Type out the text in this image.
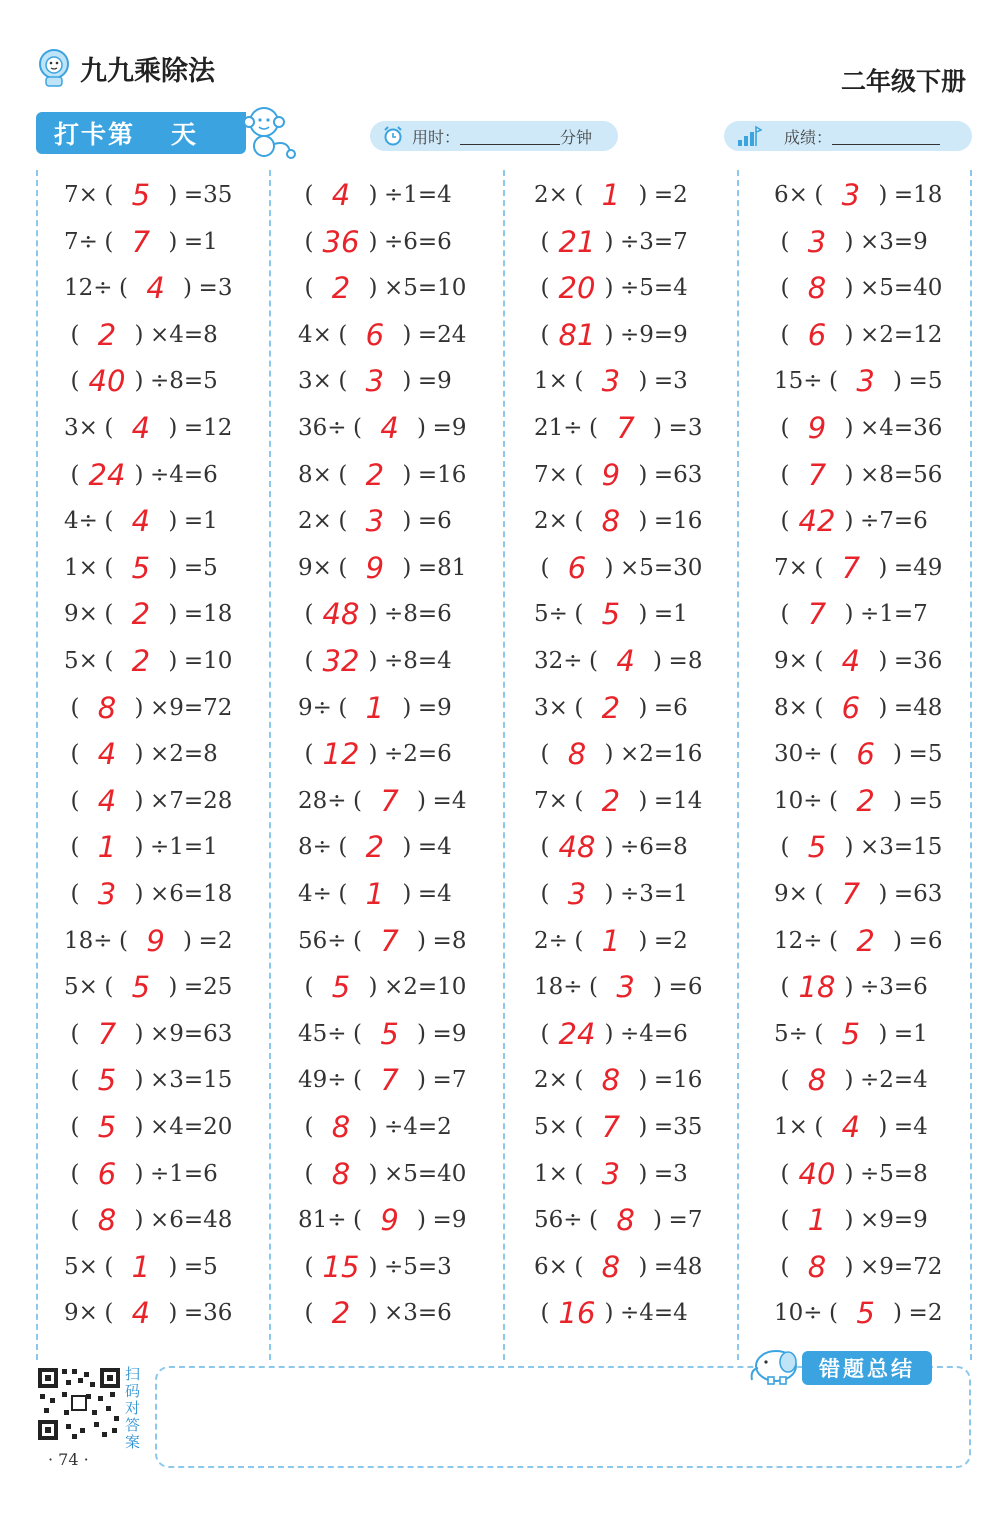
九九乘除法	二年级下册
打卡第 天	用时：	分钟	成绩：
7× ( 5 ) =35
7÷ ( 7 ) =1
12÷ ( 4 ) =3
( 2 ) ×4=8
( 40 ) ÷8=5
3× ( 4 ) =12
( 24 ) ÷4=6
4÷ ( 4 ) =1
1× ( 5 ) =5
9× ( 2 ) =18
5× ( 2 ) =10
( 8 ) ×9=72
( 4 ) ×2=8
( 4 ) ×7=28
( 1 ) ÷1=1
( 3 ) ×6=18
18÷ ( 9 ) =2
5× ( 5 ) =25
( 7 ) ×9=63
( 5 ) ×3=15
( 5 ) ×4=20
( 6 ) ÷1=6
( 8 ) ×6=48
5× ( 1 ) =5
9× ( 4 ) =36
( 4 ) ÷1=4
( 36 ) ÷6=6
( 2 ) ×5=10
4× ( 6 ) =24
3× ( 3 ) =9
36÷ ( 4 ) =9
8× ( 2 ) =16
2× ( 3 ) =6
9× ( 9 ) =81
( 48 ) ÷8=6
( 32 ) ÷8=4
9÷ ( 1 ) =9
( 12 ) ÷2=6
28÷ ( 7 ) =4
8÷ ( 2 ) =4
4÷ ( 1 ) =4
56÷ ( 7 ) =8
( 5 ) ×2=10
45÷ ( 5 ) =9
49÷ ( 7 ) =7
( 8 ) ÷4=2
( 8 ) ×5=40
81÷ ( 9 ) =9
( 15 ) ÷5=3
( 2 ) ×3=6
2× ( 1 ) =2
( 21 ) ÷3=7
( 20 ) ÷5=4
( 81 ) ÷9=9
1× ( 3 ) =3
21÷ ( 7 ) =3
7× ( 9 ) =63
2× ( 8 ) =16
( 6 ) ×5=30
5÷ ( 5 ) =1
32÷ ( 4 ) =8
3× ( 2 ) =6
( 8 ) ×2=16
7× ( 2 ) =14
( 48 ) ÷6=8
( 3 ) ÷3=1
2÷ ( 1 ) =2
18÷ ( 3 ) =6
( 24 ) ÷4=6
2× ( 8 ) =16
5× ( 7 ) =35
1× ( 3 ) =3
56÷ ( 8 ) =7
6× ( 8 ) =48
( 16 ) ÷4=4
6× ( 3 ) =18
( 3 ) ×3=9
( 8 ) ×5=40
( 6 ) ×2=12
15÷ ( 3 ) =5
( 9 ) ×4=36
( 7 ) ×8=56
( 42 ) ÷7=6
7× ( 7 ) =49
( 7 ) ÷1=7
9× ( 4 ) =36
8× ( 6 ) =48
30÷ ( 6 ) =5
10÷ ( 2 ) =5
( 5 ) ×3=15
9× ( 7 ) =63
12÷ ( 2 ) =6
( 18 ) ÷3=6
5÷ ( 5 ) =1
( 8 ) ÷2=4
1× ( 4 ) =4
( 40 ) ÷5=8
( 1 ) ×9=9
( 8 ) ×9=72
10÷ ( 5 ) =2
扫码对答案
· 74 ·
错题总结
